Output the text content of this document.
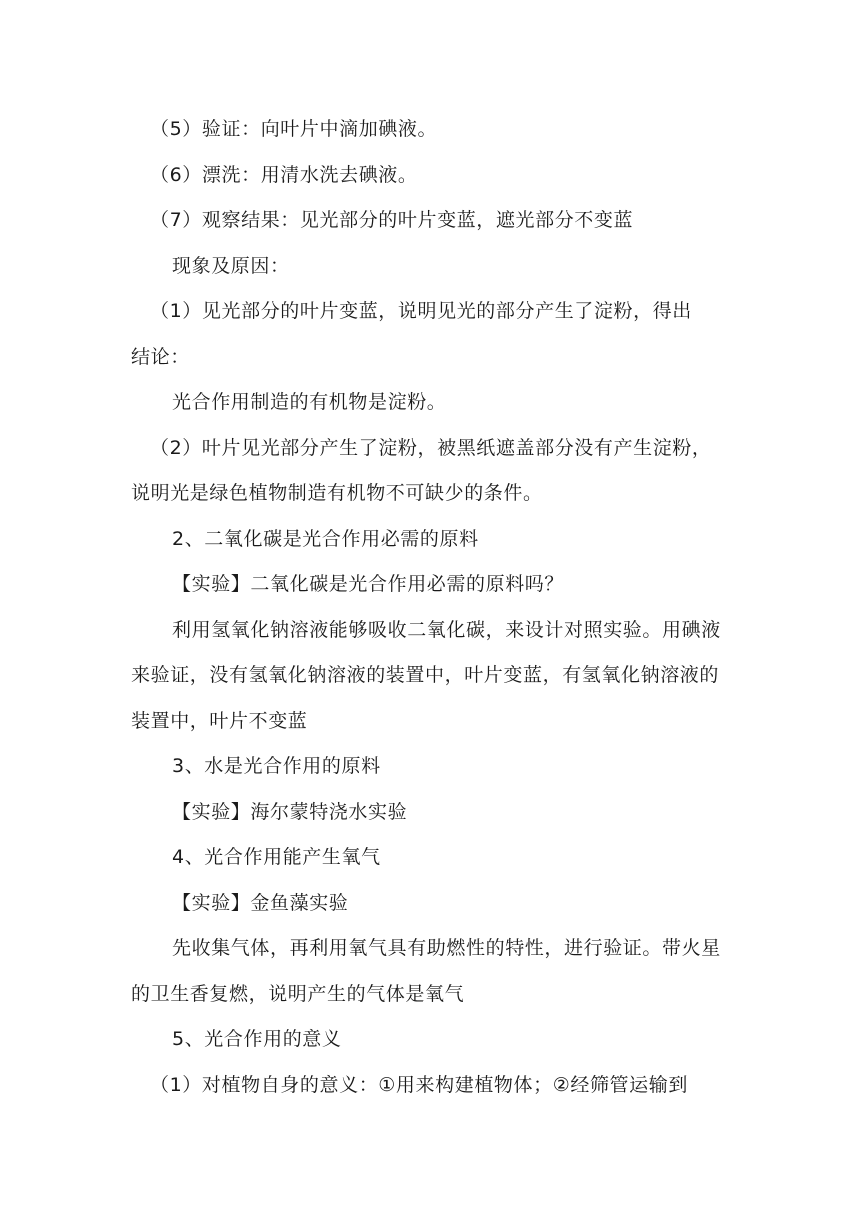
（5）验证：向叶片中滴加碘液。
（6）漂洗：用清水洗去碘液。
（7）观察结果：见光部分的叶片变蓝，遮光部分不变蓝
现象及原因：
（1）见光部分的叶片变蓝，说明见光的部分产生了淀粉，得出
结论：
光合作用制造的有机物是淀粉。
（2）叶片见光部分产生了淀粉，被黑纸遮盖部分没有产生淀粉，
说明光是绿色植物制造有机物不可缺少的条件。
2、二氧化碳是光合作用必需的原料
【实验】二氧化碳是光合作用必需的原料吗？
利用氢氧化钠溶液能够吸收二氧化碳，来设计对照实验。用碘液
来验证，没有氢氧化钠溶液的装置中，叶片变蓝，有氢氧化钠溶液的
装置中，叶片不变蓝
3、水是光合作用的原料
【实验】海尔蒙特浇水实验
4、光合作用能产生氧气
【实验】金鱼藻实验
先收集气体，再利用氧气具有助燃性的特性，进行验证。带火星
的卫生香复燃，说明产生的气体是氧气
5、光合作用的意义
（1）对植物自身的意义：①用来构建植物体；②经筛管运输到
